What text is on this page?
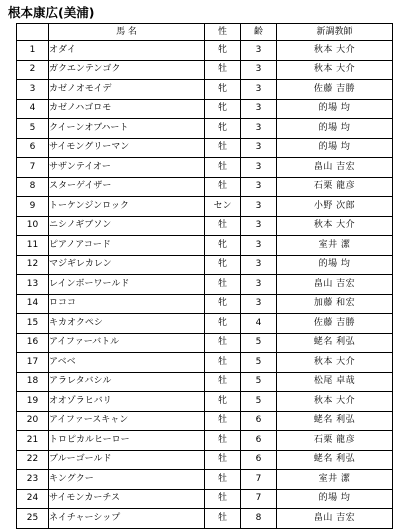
根本康広(美浦)
	馬 名	性	齢	新調教師
1	オダイ	牝	3	秋本 大介
2	ガクエンテンゴク	牡	3	秋本 大介
3	カゼノオモイデ	牝	3	佐藤 吉勝
4	カゼノハゴロモ	牝	3	的場 均
5	クイーンオブハート	牝	3	的場 均
6	サイモングリーマン	牡	3	的場 均
7	サザンテイオー	牡	3	畠山 吉宏
8	スターゲイザー	牡	3	石栗 龍彦
9	トーケンジンロック	セン	3	小野 次郎
10	ニシノギブソン	牡	3	秋本 大介
11	ピアノアコード	牝	3	室井 潔
12	マジギレカレン	牝	3	的場 均
13	レインボーワールド	牡	3	畠山 吉宏
14	ロココ	牝	3	加藤 和宏
15	キカオクペシ	牝	4	佐藤 吉勝
16	アイファーバトル	牡	5	蛯名 利弘
17	アベベ	牡	5	秋本 大介
18	アラレタバシル	牡	5	松尾 卓哉
19	オオゾラヒバリ	牝	5	秋本 大介
20	アイファースキャン	牡	6	蛯名 利弘
21	トロピカルヒーロー	牡	6	石栗 龍彦
22	ブルーゴールド	牡	6	蛯名 利弘
23	キングクー	牡	7	室井 潔
24	サイモンカーチス	牡	7	的場 均
25	ネイチャーシップ	牡	8	畠山 吉宏
